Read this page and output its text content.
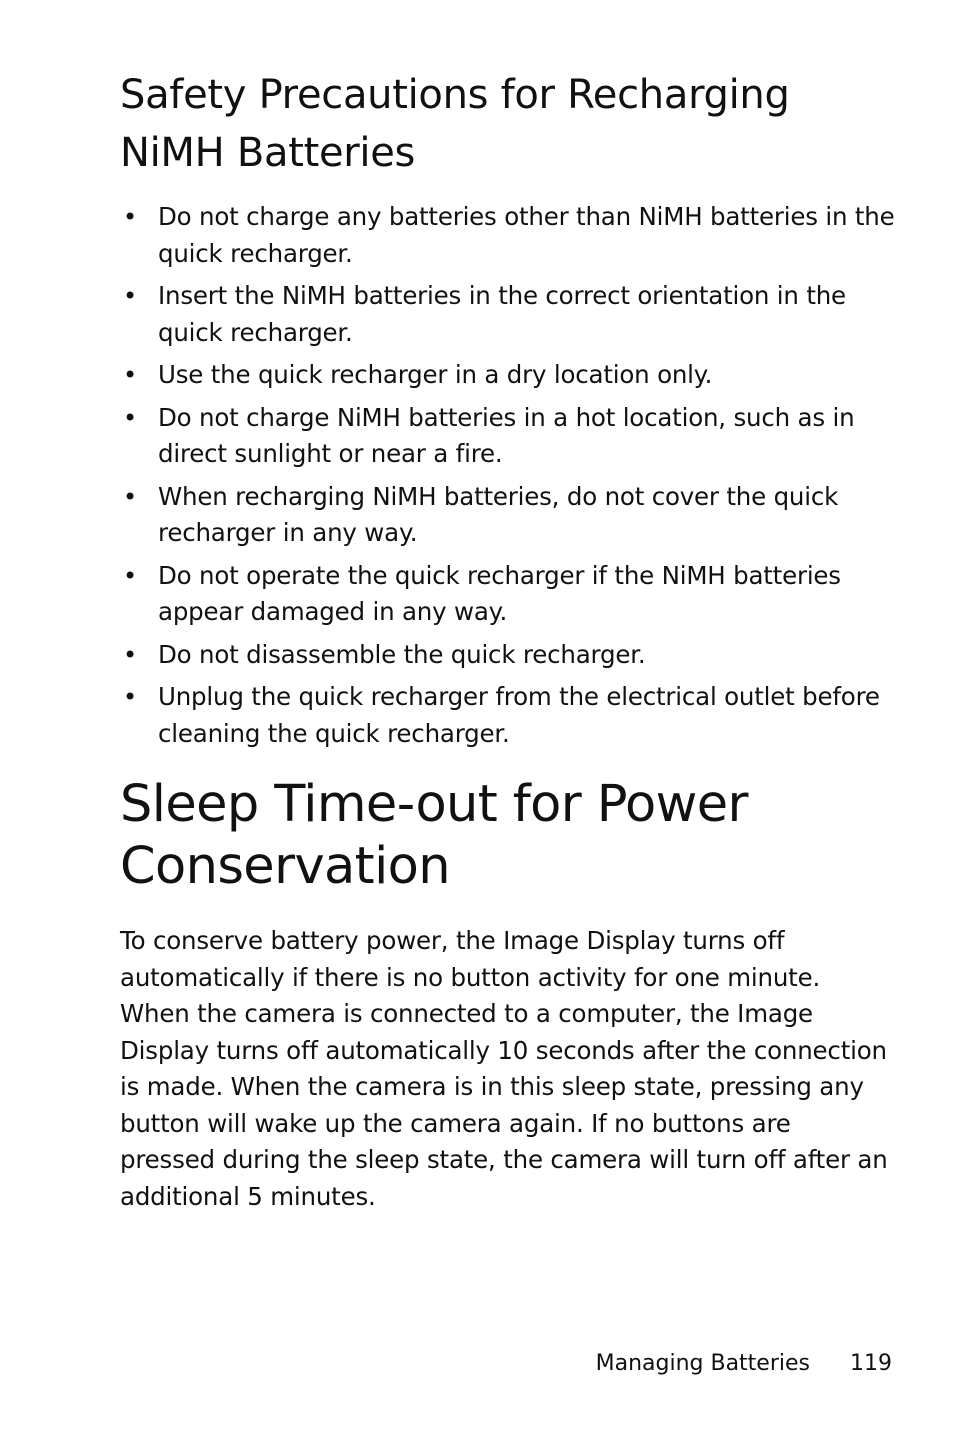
Safety Precautions for Recharging NiMH Batteries
• Do not charge any batteries other than NiMH batteries in the quick recharger.
• Insert the NiMH batteries in the correct orientation in the quick recharger.
• Use the quick recharger in a dry location only.
• Do not charge NiMH batteries in a hot location, such as in direct sunlight or near a fire.
• When recharging NiMH batteries, do not cover the quick recharger in any way.
• Do not operate the quick recharger if the NiMH batteries appear damaged in any way.
• Do not disassemble the quick recharger.
• Unplug the quick recharger from the electrical outlet before cleaning the quick recharger.
Sleep Time-out for Power Conservation

To conserve battery power, the Image Display turns off automatically if there is no button activity for one minute. When the camera is connected to a computer, the Image Display turns off automatically 10 seconds after the connection is made. When the camera is in this sleep state, pressing any button will wake up the camera again. If no buttons are pressed during the sleep state, the camera will turn off after an additional 5 minutes.

Managing Batteries 119
